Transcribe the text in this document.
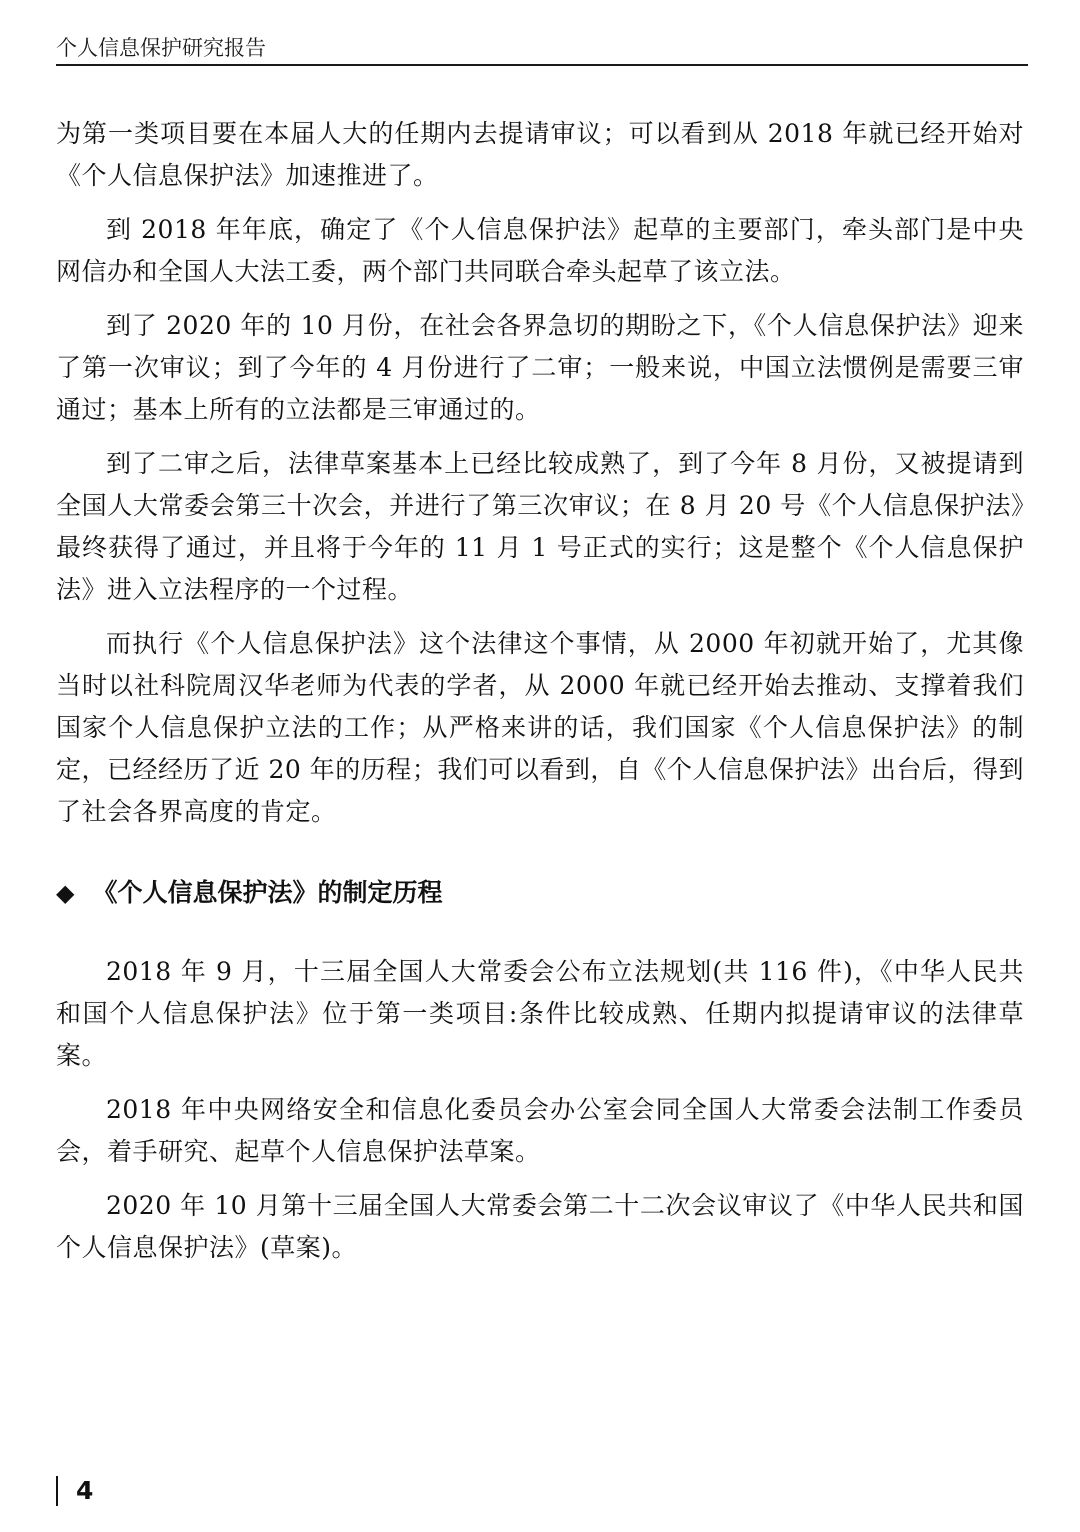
个人信息保护研究报告

为第一类项目要在本届人大的任期内去提请审议；可以看到从 2018 年就已经开始对《个人信息保护法》加速推进了。

到 2018 年年底，确定了《个人信息保护法》起草的主要部门，牵头部门是中央网信办和全国人大法工委，两个部门共同联合牵头起草了该立法。

到了 2020 年的 10 月份，在社会各界急切的期盼之下，《个人信息保护法》迎来了第一次审议；到了今年的 4 月份进行了二审；一般来说，中国立法惯例是需要三审通过；基本上所有的立法都是三审通过的。

到了二审之后，法律草案基本上已经比较成熟了，到了今年 8 月份，又被提请到全国人大常委会第三十次会，并进行了第三次审议；在 8 月 20 号《个人信息保护法》最终获得了通过，并且将于今年的 11 月 1 号正式的实行；这是整个《个人信息保护法》进入立法程序的一个过程。

而执行《个人信息保护法》这个法律这个事情，从 2000 年初就开始了，尤其像当时以社科院周汉华老师为代表的学者，从 2000 年就已经开始去推动、支撑着我们国家个人信息保护立法的工作；从严格来讲的话，我们国家《个人信息保护法》的制定，已经经历了近 20 年的历程；我们可以看到，自《个人信息保护法》出台后，得到了社会各界高度的肯定。

◆ 《个人信息保护法》的制定历程

2018 年 9 月，十三届全国人大常委会公布立法规划(共 116 件)，《中华人民共和国个人信息保护法》位于第一类项目:条件比较成熟、任期内拟提请审议的法律草案。

2018 年中央网络安全和信息化委员会办公室会同全国人大常委会法制工作委员会，着手研究、起草个人信息保护法草案。

2020 年 10 月第十三届全国人大常委会第二十二次会议审议了《中华人民共和国个人信息保护法》(草案)。

4
